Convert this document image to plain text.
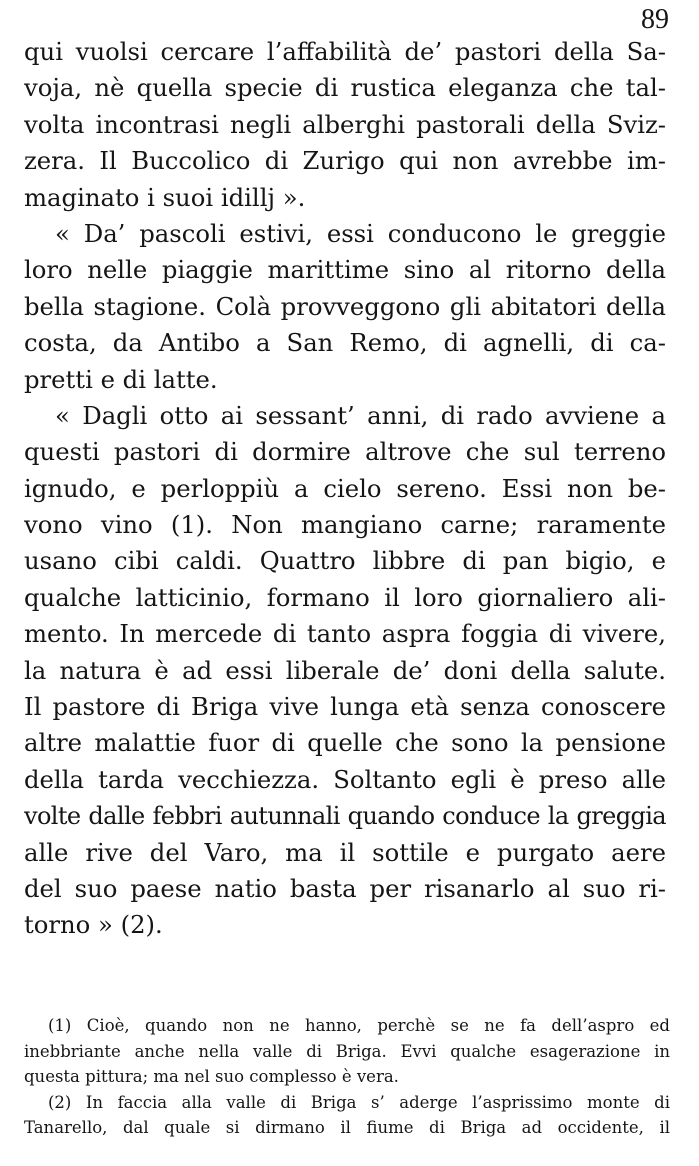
89
qui vuolsi cercare l’affabilità de’ pastori della Sa-
voja, nè quella specie di rustica eleganza che tal-
volta incontrasi negli alberghi pastorali della Sviz-
zera. Il Buccolico di Zurigo qui non avrebbe im-
maginato i suoi idillj ».
« Da’ pascoli estivi, essi conducono le greggie
loro nelle piaggie marittime sino al ritorno della
bella stagione. Colà provveggono gli abitatori della
costa, da Antibo a San Remo, di agnelli, di ca-
pretti e di latte.
« Dagli otto ai sessant’ anni, di rado avviene a
questi pastori di dormire altrove che sul terreno
ignudo, e perloppiù a cielo sereno. Essi non be-
vono vino (1). Non mangiano carne; raramente
usano cibi caldi. Quattro libbre di pan bigio, e
qualche latticinio, formano il loro giornaliero ali-
mento. In mercede di tanto aspra foggia di vivere,
la natura è ad essi liberale de’ doni della salute.
Il pastore di Briga vive lunga età senza conoscere
altre malattie fuor di quelle che sono la pensione
della tarda vecchiezza. Soltanto egli è preso alle
volte dalle febbri autunnali quando conduce la greggia
alle rive del Varo, ma il sottile e purgato aere
del suo paese natio basta per risanarlo al suo ri-
torno » (2).
(1) Cioè, quando non ne hanno, perchè se ne fa dell’aspro ed
inebbriante anche nella valle di Briga. Evvi qualche esagerazione in
questa pittura; ma nel suo complesso è vera.
(2) In faccia alla valle di Briga s’ aderge l’asprissimo monte di
Tanarello, dal quale si dirmano il fiume di Briga ad occidente, il
